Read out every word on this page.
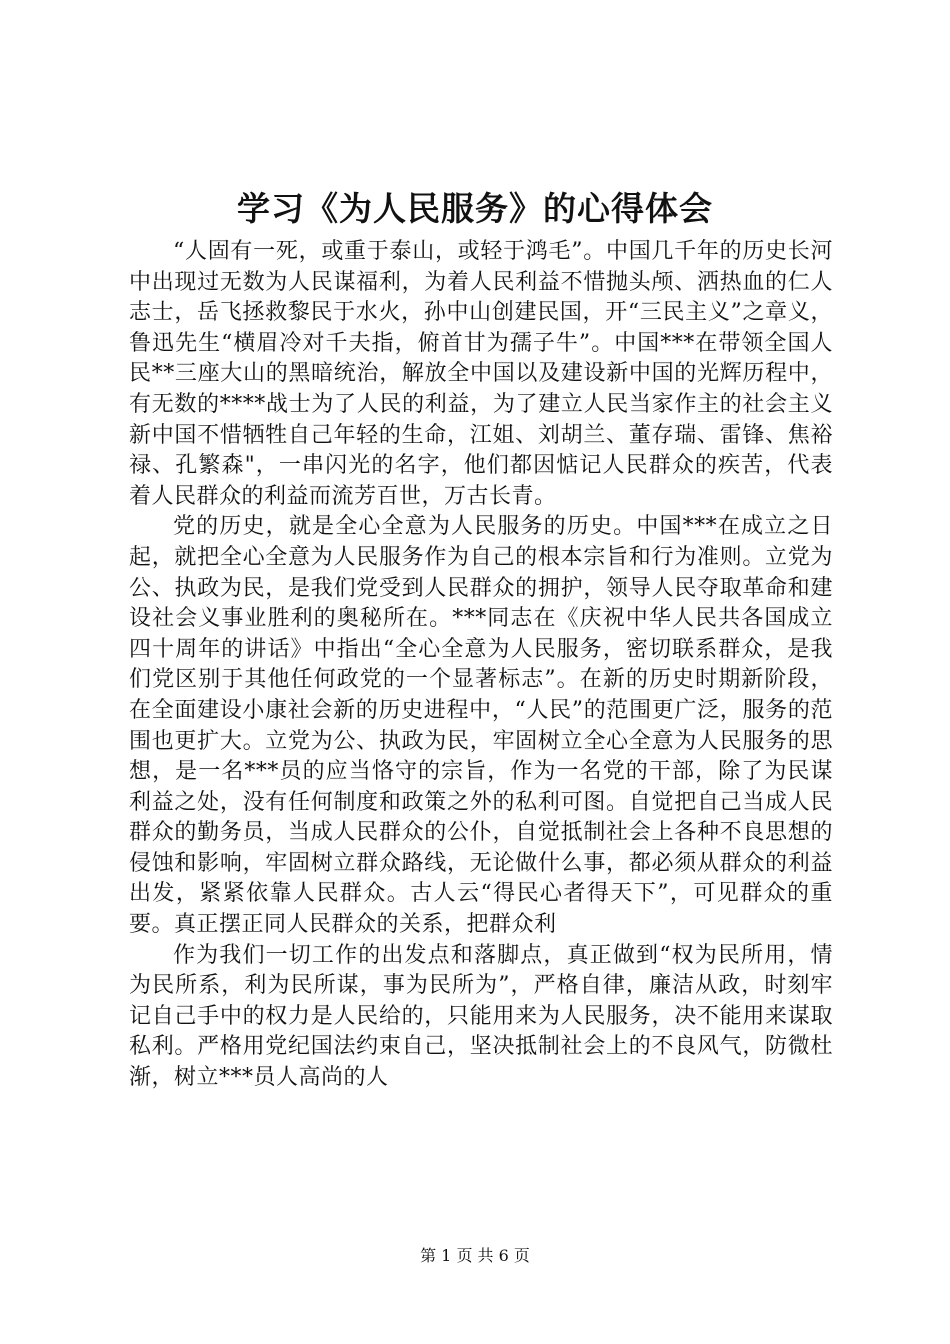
学习《为人民服务》的心得体会

“人固有一死，或重于泰山，或轻于鸿毛”。中国几千年的历史长河中出现过无数为人民谋福利，为着人民利益不惜抛头颅、洒热血的仁人志士，岳飞拯救黎民于水火，孙中山创建民国，开“三民主义”之章义，鲁迅先生“横眉冷对千夫指，俯首甘为孺子牛”。中国***在带领全国人民**三座大山的黑暗统治，解放全中国以及建设新中国的光辉历程中，有无数的****战士为了人民的利益，为了建立人民当家作主的社会主义新中国不惜牺牲自己年轻的生命，江姐、刘胡兰、董存瑞、雷锋、焦裕禄、孔繁森"，一串闪光的名字，他们都因惦记人民群众的疾苦，代表着人民群众的利益而流芳百世，万古长青。

党的历史，就是全心全意为人民服务的历史。中国***在成立之日起，就把全心全意为人民服务作为自己的根本宗旨和行为准则。立党为公、执政为民，是我们党受到人民群众的拥护，领导人民夺取革命和建设社会义事业胜利的奥秘所在。***同志在《庆祝中华人民共各国成立四十周年的讲话》中指出“全心全意为人民服务，密切联系群众，是我们党区别于其他任何政党的一个显著标志”。在新的历史时期新阶段，在全面建设小康社会新的历史进程中，“人民”的范围更广泛，服务的范围也更扩大。立党为公、执政为民，牢固树立全心全意为人民服务的思想，是一名***员的应当恪守的宗旨，作为一名党的干部，除了为民谋利益之处，没有任何制度和政策之外的私利可图。自觉把自己当成人民群众的勤务员，当成人民群众的公仆，自觉抵制社会上各种不良思想的侵蚀和影响，牢固树立群众路线，无论做什么事，都必须从群众的利益出发，紧紧依靠人民群众。古人云“得民心者得天下”，可见群众的重要。真正摆正同人民群众的关系，把群众利

作为我们一切工作的出发点和落脚点，真正做到“权为民所用，情为民所系，利为民所谋，事为民所为”，严格自律，廉洁从政，时刻牢记自己手中的权力是人民给的，只能用来为人民服务，决不能用来谋取私利。严格用党纪国法约束自己，坚决抵制社会上的不良风气，防微杜渐，树立***员人高尚的人

第 1 页 共 6 页
